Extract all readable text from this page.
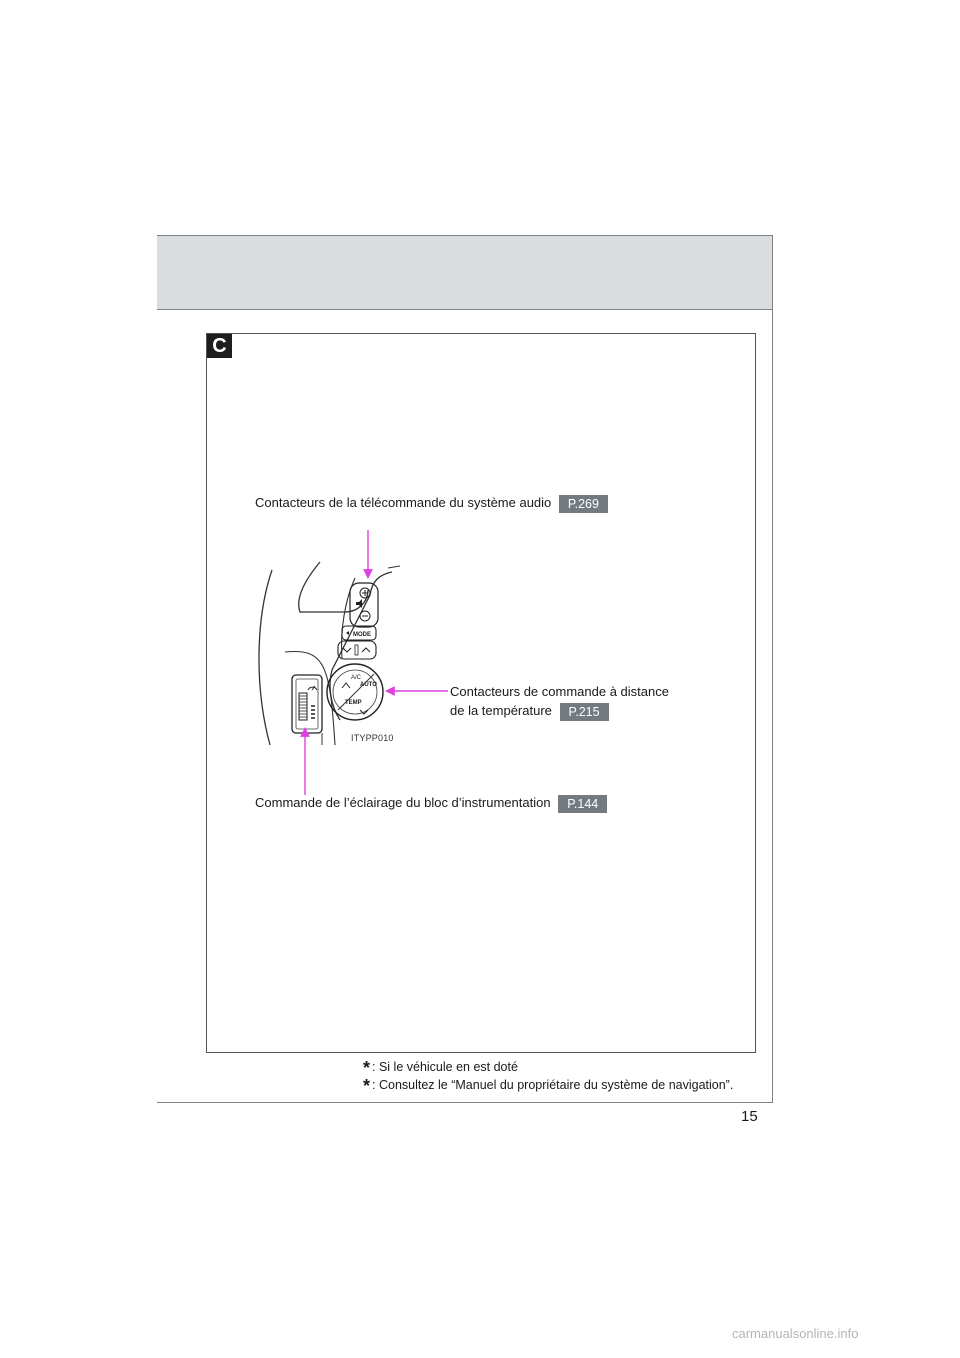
C
Contacteurs de la télécommande du système audio P.269
Contacteurs de commande à distance
de la température P.215
Commande de l’éclairage du bloc d’instrumentation P.144
MODE
A/C
AUTO
TEMP
ITYPP010
* : Si le véhicule en est doté
* : Consultez le “Manuel du propriétaire du système de navigation”.
15
carmanualsonline.info
